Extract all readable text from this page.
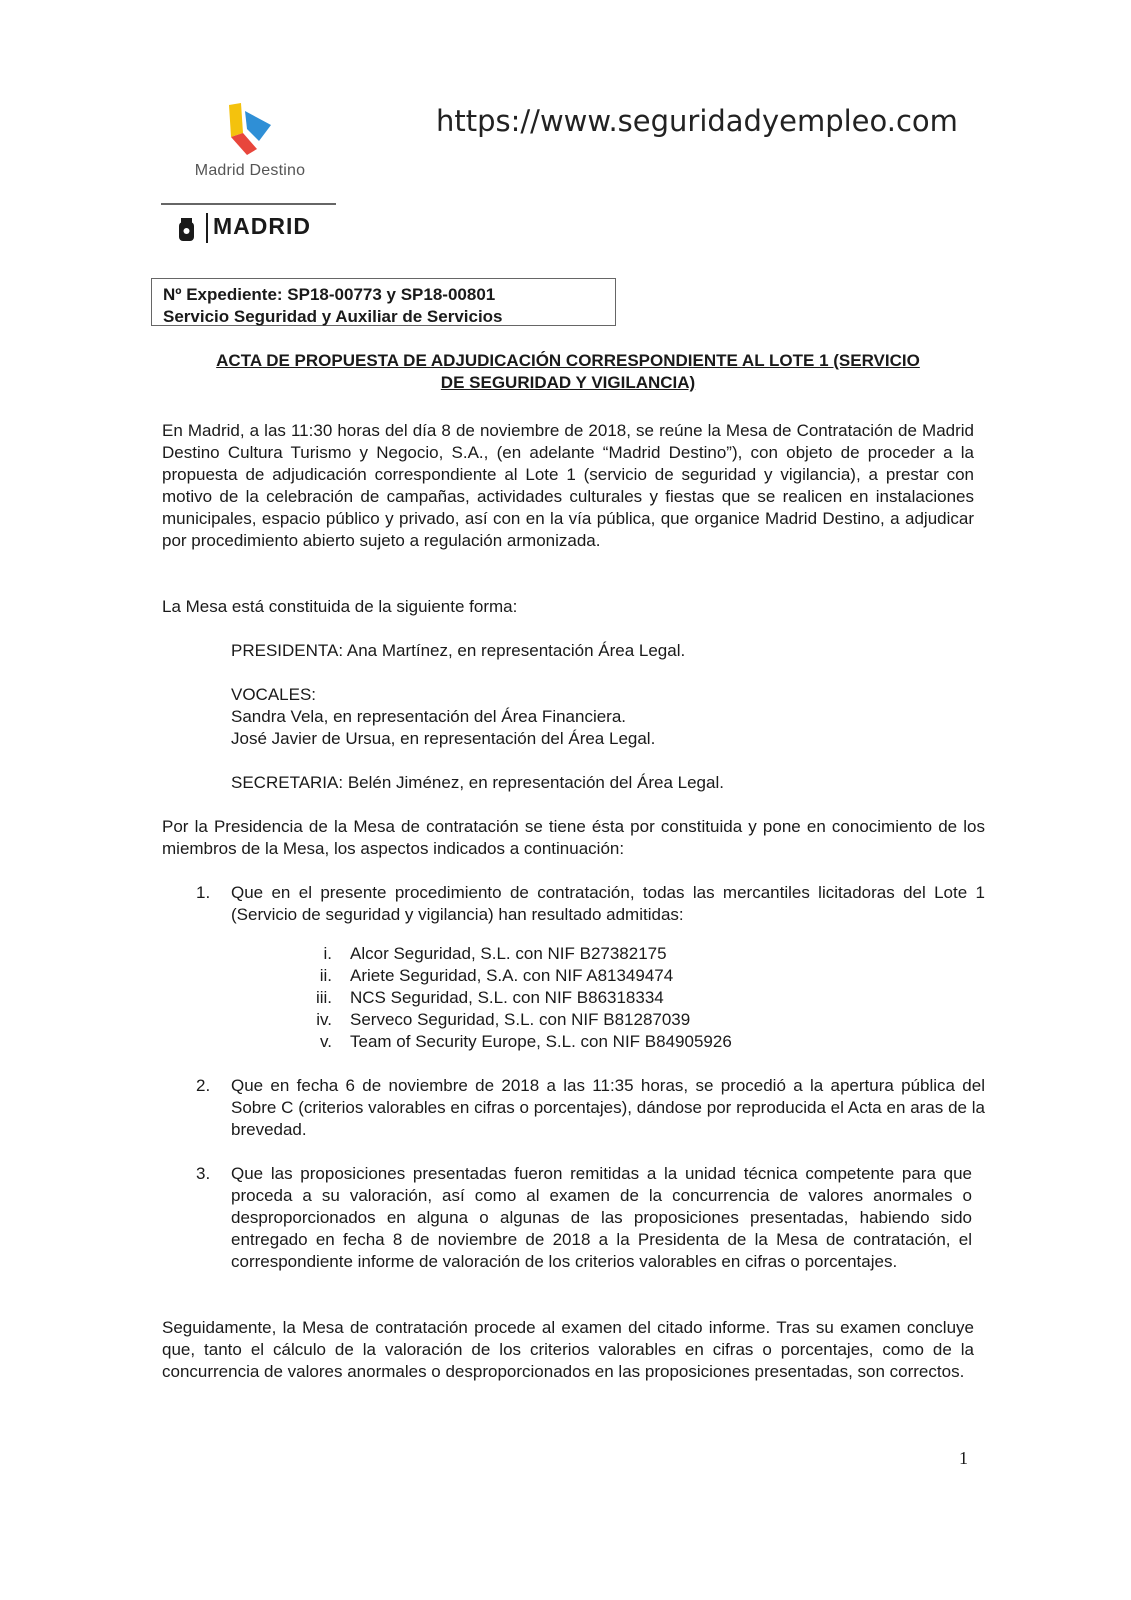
Madrid Destino
MADRID
https://www.seguridadyempleo.com
Nº Expediente: SP18-00773 y SP18-00801
Servicio Seguridad y Auxiliar de Servicios
ACTA DE PROPUESTA DE ADJUDICACIÓN CORRESPONDIENTE AL LOTE 1 (SERVICIO
DE SEGURIDAD Y VIGILANCIA)

En Madrid, a las 11:30 horas del día 8 de noviembre de 2018, se reúne la Mesa de Contratación de Madrid Destino Cultura Turismo y Negocio, S.A., (en adelante “Madrid Destino”), con objeto de proceder a la propuesta de adjudicación correspondiente al Lote 1 (servicio de seguridad y vigilancia), a prestar con motivo de la celebración de campañas, actividades culturales y fiestas que se realicen en instalaciones municipales, espacio público y privado, así con en la vía pública, que organice Madrid Destino, a adjudicar por procedimiento abierto sujeto a regulación armonizada.

La Mesa está constituida de la siguiente forma:

PRESIDENTA: Ana Martínez, en representación Área Legal.
VOCALES:
Sandra Vela, en representación del Área Financiera.
José Javier de Ursua, en representación del Área Legal.
SECRETARIA: Belén Jiménez, en representación del Área Legal.

Por la Presidencia de la Mesa de contratación se tiene ésta por constituida y pone en conocimiento de los miembros de la Mesa, los aspectos indicados a continuación:

1. Que en el presente procedimiento de contratación, todas las mercantiles licitadoras del Lote 1 (Servicio de seguridad y vigilancia) han resultado admitidas:
i.	Alcor Seguridad, S.L. con NIF B27382175
ii.	Ariete Seguridad, S.A. con NIF A81349474
iii.	NCS Seguridad, S.L. con NIF B86318334
iv.	Serveco Seguridad, S.L. con NIF B81287039
v.	Team of Security Europe, S.L. con NIF B84905926
2. Que en fecha 6 de noviembre de 2018 a las 11:35 horas, se procedió a la apertura pública del Sobre C (criterios valorables en cifras o porcentajes), dándose por reproducida el Acta en aras de la brevedad.
3. Que las proposiciones presentadas fueron remitidas a la unidad técnica competente para que proceda a su valoración, así como al examen de la concurrencia de valores anormales o desproporcionados en alguna o algunas de las proposiciones presentadas, habiendo sido entregado en fecha 8 de noviembre de 2018 a la Presidenta de la Mesa de contratación, el correspondiente informe de valoración de los criterios valorables en cifras o porcentajes.

Seguidamente, la Mesa de contratación procede al examen del citado informe. Tras su examen concluye que, tanto el cálculo de la valoración de los criterios valorables en cifras o porcentajes, como de la concurrencia de valores anormales o desproporcionados en las proposiciones presentadas, son correctos.

1
